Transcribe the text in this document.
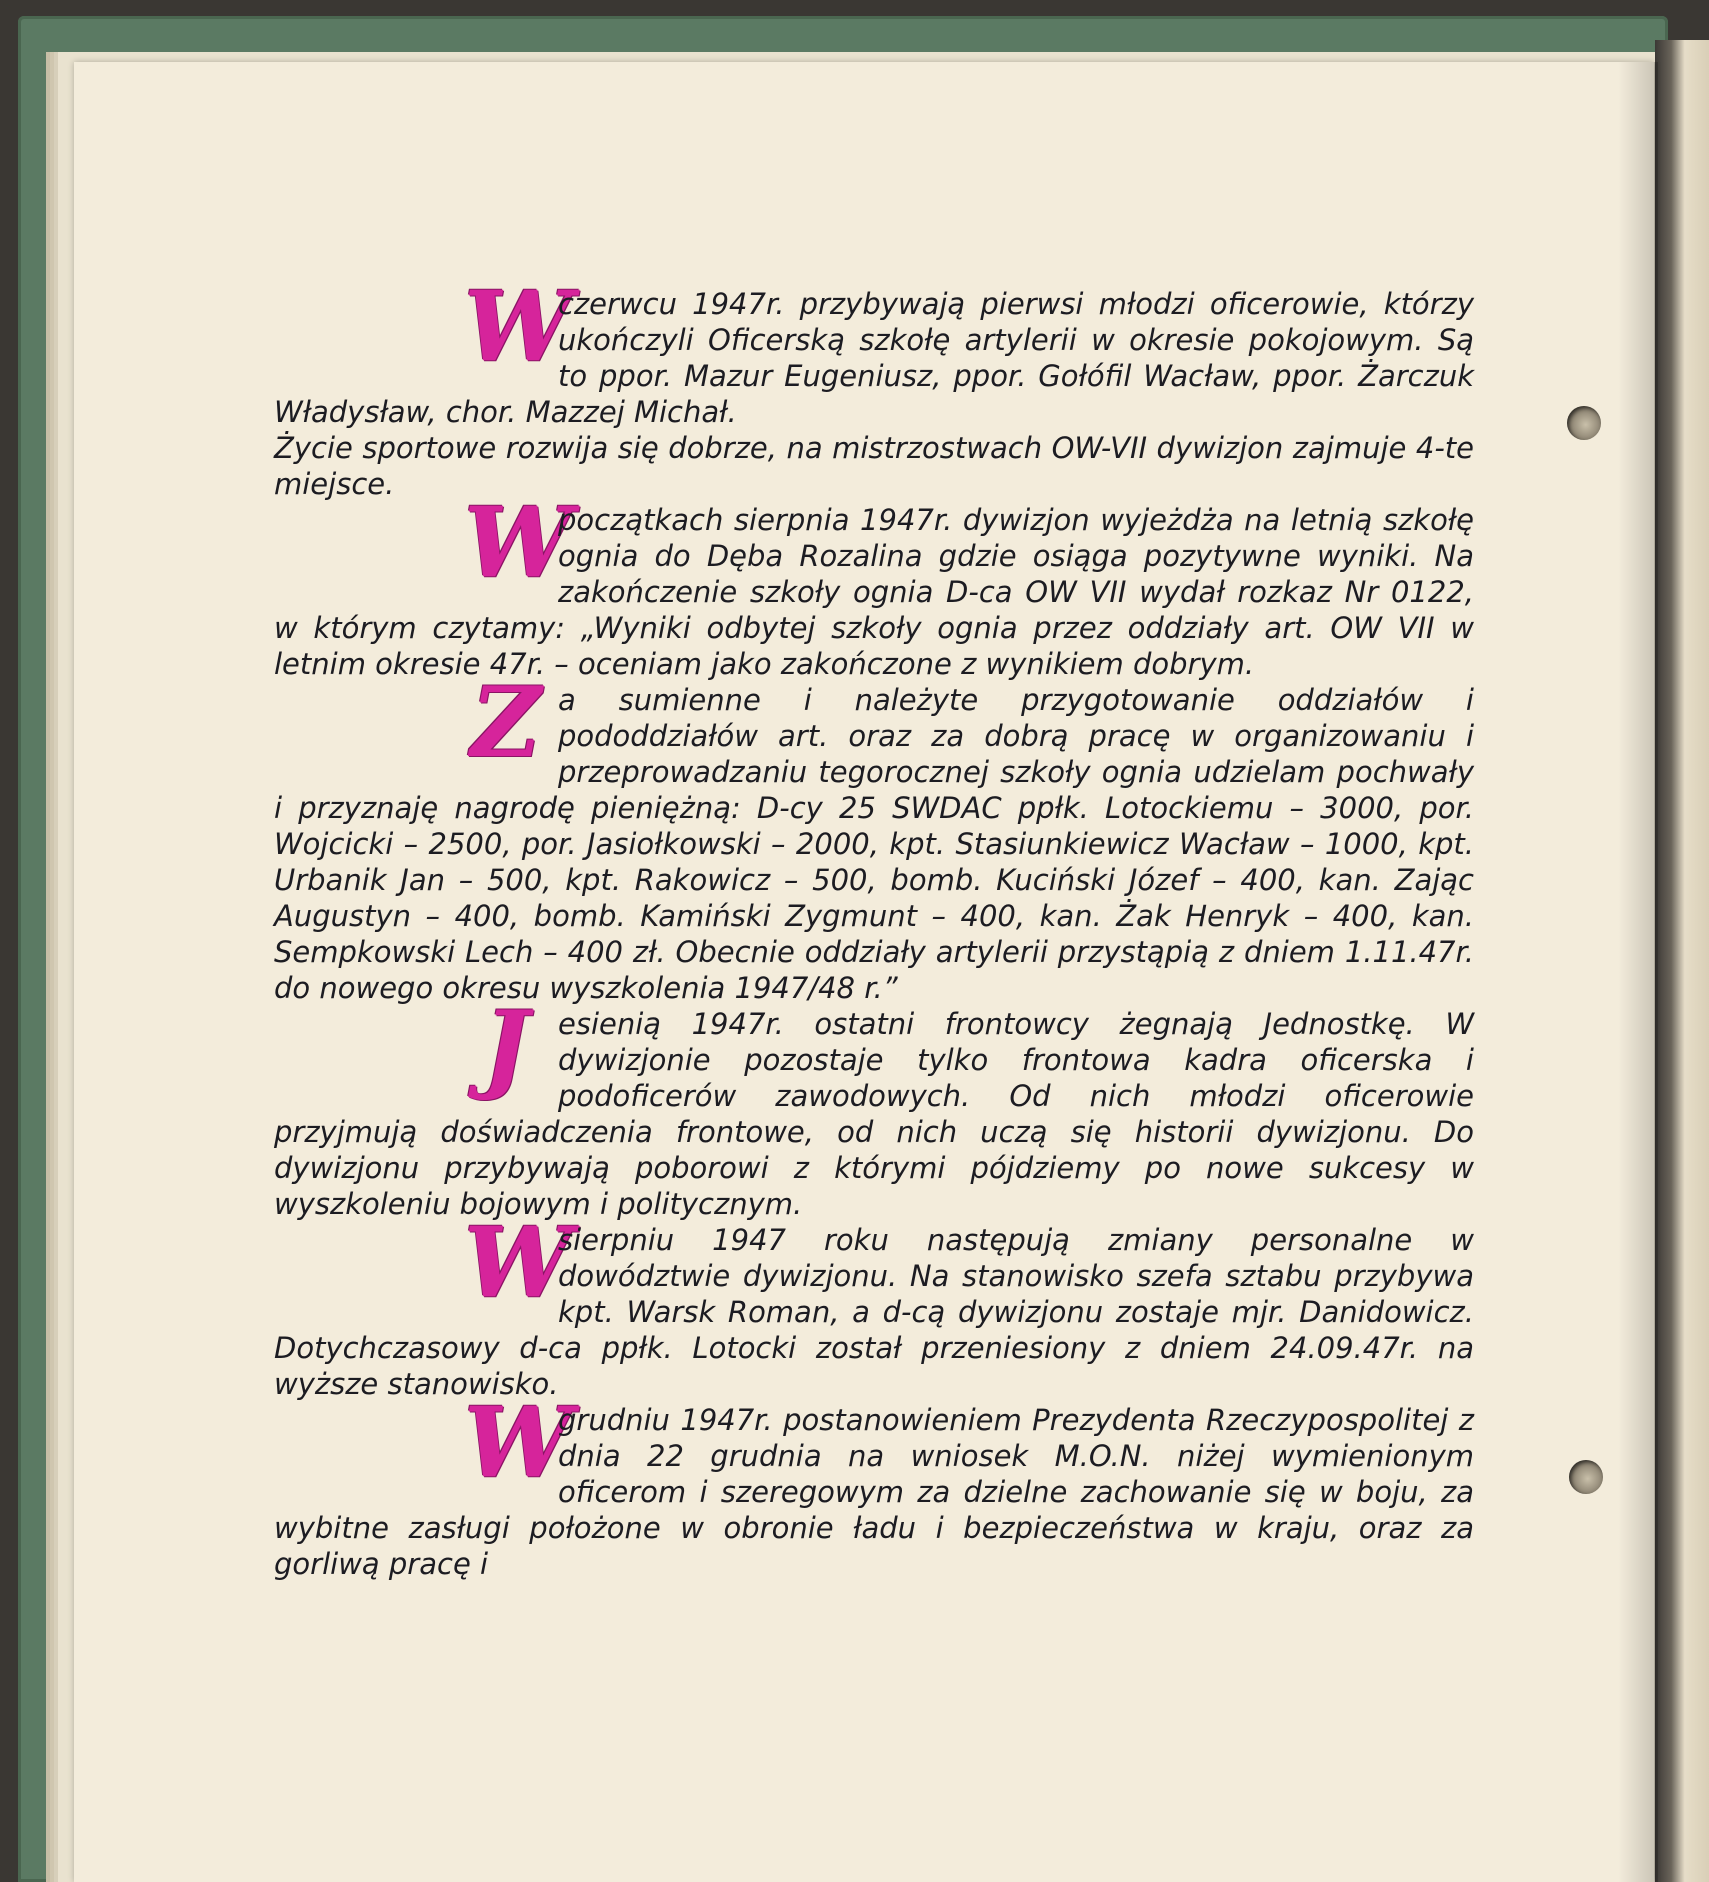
W
czerwcu 1947r. przybywają pierwsi młodzi oficerowie, którzy ukończyli Oficerską szkołę artylerii w okresie pokojowym. Są to ppor. Mazur Eugeniusz, ppor. Gołófil Wacław, ppor. Żarczuk Władysław, chor. Mazzej Michał.

Życie sportowe rozwija się dobrze, na mistrzostwach OW-VII dywizjon zajmuje 4-te miejsce.

W
początkach sierpnia 1947r. dywizjon wyjeżdża na letnią szkołę ognia do Dęba Rozalina gdzie osiąga pozytywne wyniki. Na zakończenie szkoły ognia D-ca OW VII wydał rozkaz Nr 0122, w którym czytamy: „Wyniki odbytej szkoły ognia przez oddziały art. OW VII w letnim okresie 47r. – oceniam jako zakończone z wynikiem dobrym.

Z a sumienne i należyte przygotowanie oddziałów i pododdziałów art. oraz za dobrą pracę w organizowaniu i przeprowadzaniu tegorocznej szkoły ognia udzielam pochwały i przyznaję nagrodę pieniężną: D-cy 25 SWDAC ppłk. Lotockiemu – 3000, por. Wojcicki – 2500, por. Jasiołkowski – 2000, kpt. Stasiunkiewicz Wacław – 1000, kpt. Urbanik Jan – 500, kpt. Rakowicz – 500, bomb. Kuciński Józef – 400, kan. Zając Augustyn – 400, bomb. Kamiński Zygmunt – 400, kan. Żak Henryk – 400, kan. Sempkowski Lech – 400 zł. Obecnie oddziały artylerii przystąpią z dniem 1.11.47r. do nowego okresu wyszkolenia 1947/48 r.”

J	esienią 1947r. ostatni frontowcy żegnają Jednostkę. W dywizjonie pozostaje tylko frontowa kadra oficerska i podoficerów zawodowych. Od nich młodzi oficerowie przyjmują doświadczenia frontowe, od nich uczą się historii dywizjonu. Do dywizjonu przybywają poborowi z którymi pójdziemy po nowe sukcesy w wyszkoleniu bojowym i politycznym.

W
sierpniu 1947 roku następują zmiany personalne w dowództwie dywizjonu. Na stanowisko szefa sztabu przybywa kpt. Warsk Roman, a d-cą dywizjonu zostaje mjr. Danidowicz. Dotychczasowy d-ca ppłk. Lotocki został przeniesiony z dniem 24.09.47r. na wyższe stanowisko.

W
grudniu 1947r. postanowieniem Prezydenta Rzeczypospolitej z dnia 22 grudnia na wniosek M.O.N. niżej wymienionym oficerom i szeregowym za dzielne zachowanie się w boju, za wybitne zasługi położone w obronie ładu i bezpieczeństwa w kraju, oraz za gorliwą pracę i
